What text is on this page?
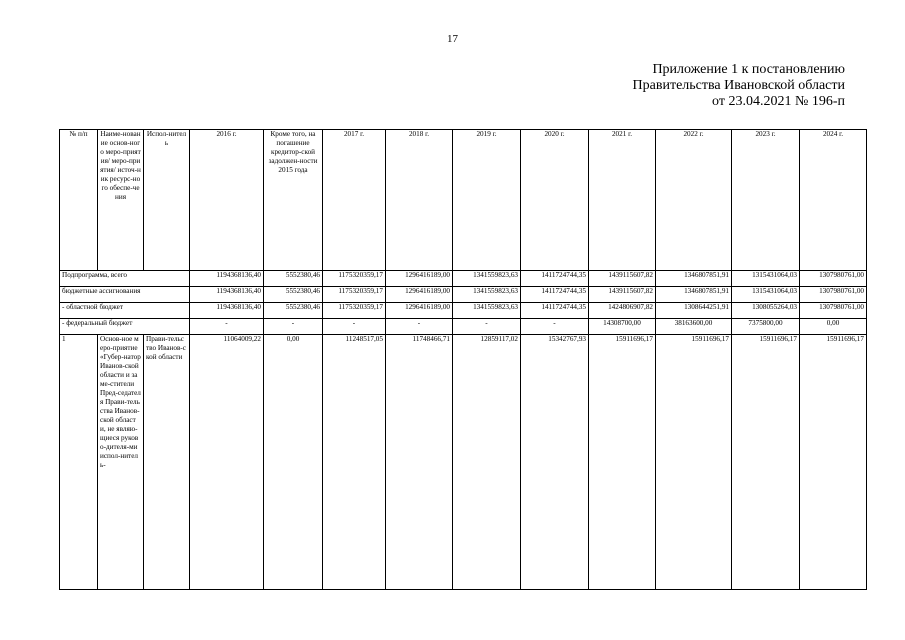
17
Приложение 1 к постановлению
Правительства Ивановской области
от 23.04.2021 № 196-п
№ п/п	Наиме-нование основ-ного меро-приятия/ меро-приятия/ источ-ник ресурс-ного обеспе-чения	Испол-нитель	2016 г.	Кроме того, на погашение кредитор-ской задолжен-ности 2015 года	2017 г.	2018 г.	2019 г.	2020 г.	2021 г.	2022 г.	2023 г.	2024 г.
Подпрограмма, всего			1194368136,40	5552380,46	1175320359,17	1296416189,00	1341559823,63	1411724744,35	1439115607,82	1346807851,91	1315431064,03	1307980761,00
бюджетные ассигнования			1194368136,40	5552380,46	1175320359,17	1296416189,00	1341559823,63	1411724744,35	1439115607,82	1346807851,91	1315431064,03	1307980761,00
- областной бюджет			1194368136,40	5552380,46	1175320359,17	1296416189,00	1341559823,63	1411724744,35	1424806907,82	1308644251,91	1308055264,03	1307980761,00
- федеральный бюджет			-	-	-	-	-	-	14308700,00	38163600,00	7375800,00	0,00
1	Основ-ное меро-приятие «Губер-натор Иванов-ской области и заме-стители Пред-седателя Прави-тельства Иванов-ской области, не являю-щиеся руково-дителя-ми испол-нитель-	Прави-тельство Иванов-ской области	11064009,22	0,00	11248517,05	11748466,71	12859117,02	15342767,93	15911696,17	15911696,17	15911696,17	15911696,17
